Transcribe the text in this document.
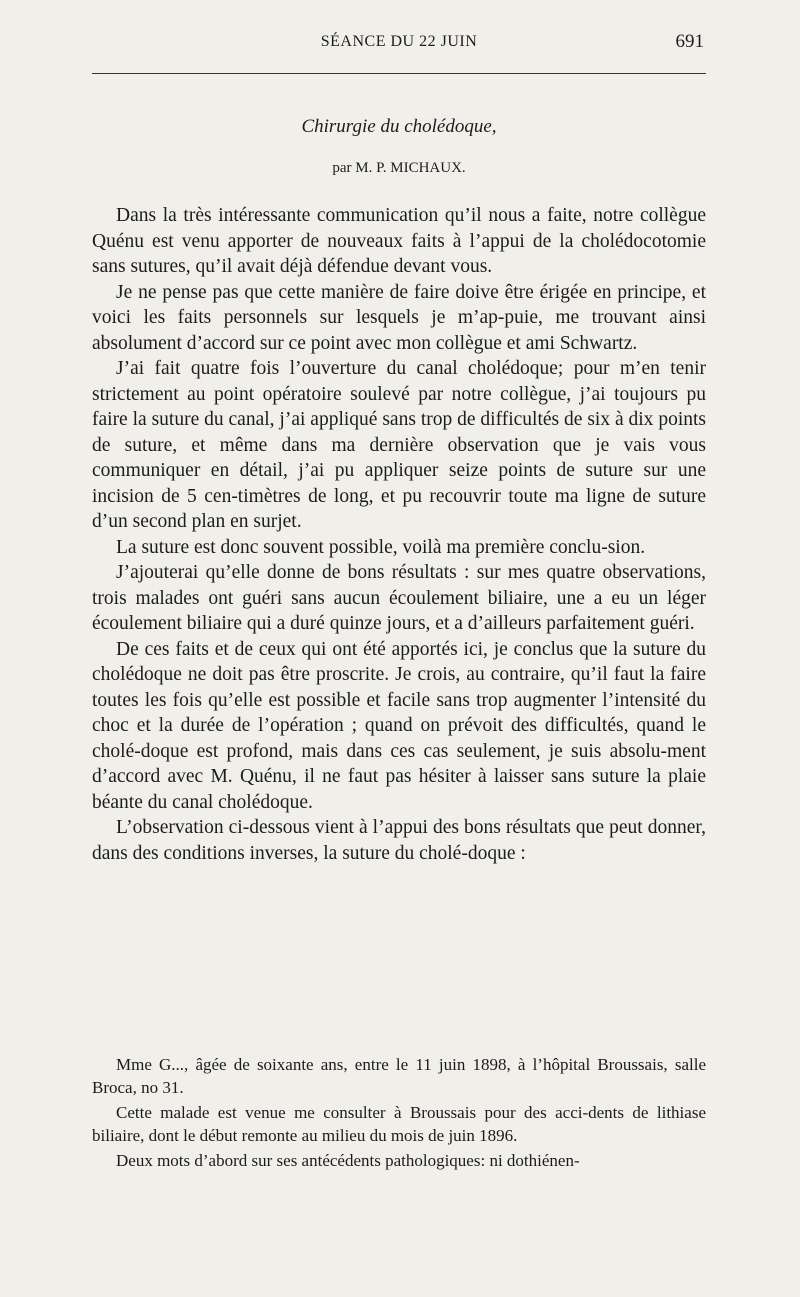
SÉANCE DU 22 JUIN	691
Chirurgie du cholédoque,
par M. P. MICHAUX.

Dans la très intéressante communication qu’il nous a faite, notre collègue Quénu est venu apporter de nouveaux faits à l’appui de la cholédocotomie sans sutures, qu’il avait déjà défendue devant vous.

Je ne pense pas que cette manière de faire doive être érigée en principe, et voici les faits personnels sur lesquels je m’ap-puie, me trouvant ainsi absolument d’accord sur ce point avec mon collègue et ami Schwartz.

J’ai fait quatre fois l’ouverture du canal cholédoque; pour m’en tenir strictement au point opératoire soulevé par notre collègue, j’ai toujours pu faire la suture du canal, j’ai appliqué sans trop de difficultés de six à dix points de suture, et même dans ma dernière observation que je vais vous communiquer en détail, j’ai pu appliquer seize points de suture sur une incision de 5 cen-timètres de long, et pu recouvrir toute ma ligne de suture d’un second plan en surjet.

La suture est donc souvent possible, voilà ma première conclu-sion.

J’ajouterai qu’elle donne de bons résultats : sur mes quatre observations, trois malades ont guéri sans aucun écoulement biliaire, une a eu un léger écoulement biliaire qui a duré quinze jours, et a d’ailleurs parfaitement guéri.

De ces faits et de ceux qui ont été apportés ici, je conclus que la suture du cholédoque ne doit pas être proscrite. Je crois, au contraire, qu’il faut la faire toutes les fois qu’elle est possible et facile sans trop augmenter l’intensité du choc et la durée de l’opération ; quand on prévoit des difficultés, quand le cholé-doque est profond, mais dans ces cas seulement, je suis absolu-ment d’accord avec M. Quénu, il ne faut pas hésiter à laisser sans suture la plaie béante du canal cholédoque.

L’observation ci-dessous vient à l’appui des bons résultats que peut donner, dans des conditions inverses, la suture du cholé-doque :

Mme G..., âgée de soixante ans, entre le 11 juin 1898, à l’hôpital Broussais, salle Broca, no 31.

Cette malade est venue me consulter à Broussais pour des acci-dents de lithiase biliaire, dont le début remonte au milieu du mois de juin 1896.

Deux mots d’abord sur ses antécédents pathologiques: ni dothiénen-
